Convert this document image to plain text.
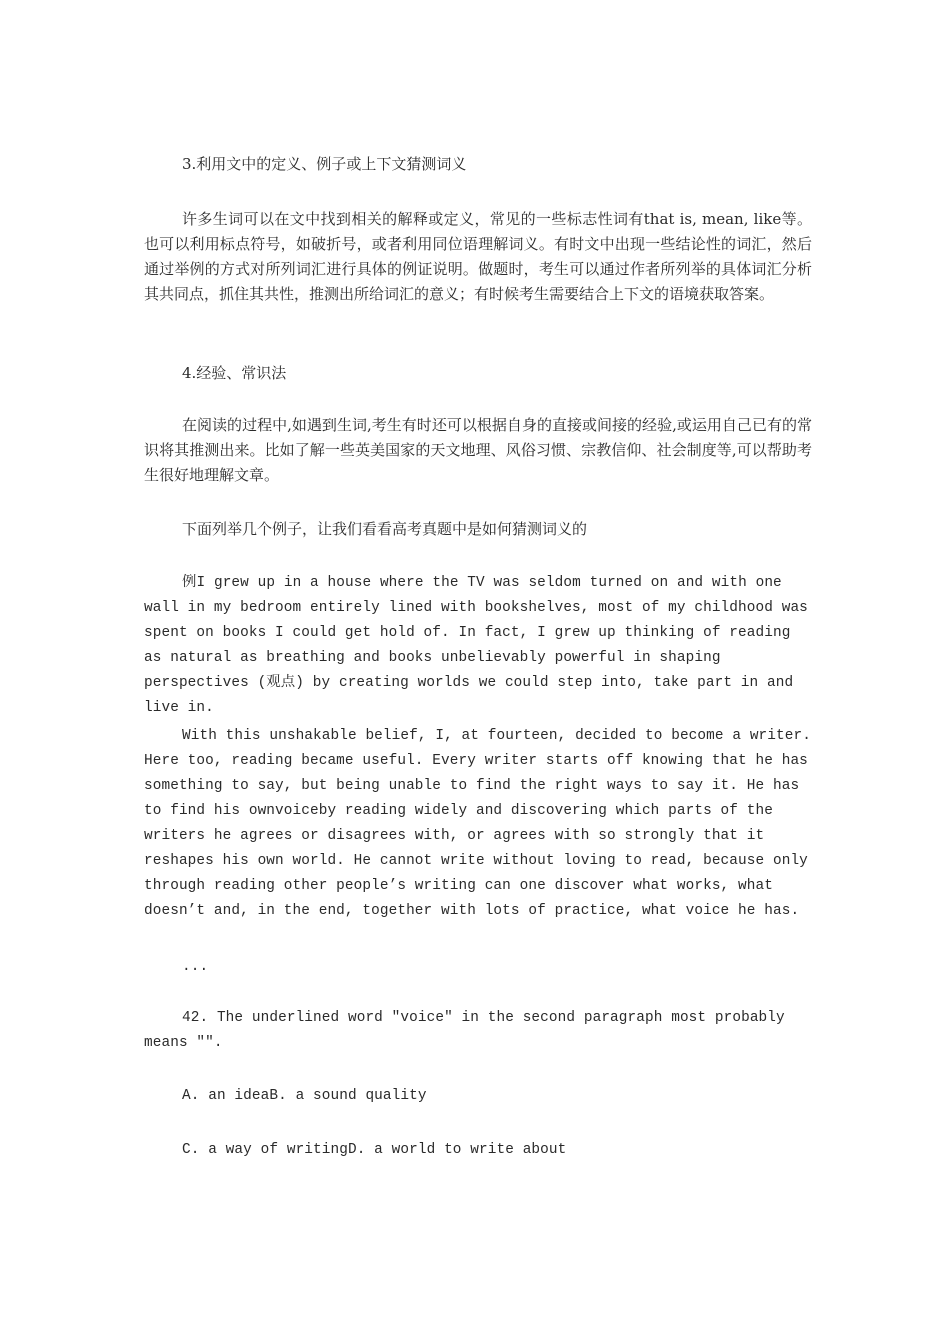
3.利用文中的定义、例子或上下文猜测词义

许多生词可以在文中找到相关的解释或定义，常见的一些标志性词有that is, mean, like等。也可以利用标点符号，如破折号，或者利用同位语理解词义。有时文中出现一些结论性的词汇，然后通过举例的方式对所列词汇进行具体的例证说明。做题时，考生可以通过作者所列举的具体词汇分析其共同点，抓住其共性，推测出所给词汇的意义；有时候考生需要结合上下文的语境获取答案。

4.经验、常识法

在阅读的过程中,如遇到生词,考生有时还可以根据自身的直接或间接的经验,或运用自己已有的常识将其推测出来。比如了解一些英美国家的天文地理、风俗习惯、宗教信仰、社会制度等,可以帮助考生很好地理解文章。

下面列举几个例子，让我们看看高考真题中是如何猜测词义的

例I grew up in a house where the TV was seldom turned on and with one wall in my bedroom entirely lined with bookshelves, most of my childhood was spent on books I could get hold of. In fact, I grew up thinking of reading as natural as breathing and books unbelievably powerful in shaping perspectives (观点) by creating worlds we could step into, take part in and live in.

With this unshakable belief, I, at fourteen, decided to become a writer. Here too, reading became useful. Every writer starts off knowing that he has something to say, but being unable to find the right ways to say it. He has to find his ownvoiceby reading widely and discovering which parts of the writers he agrees or disagrees with, or agrees with so strongly that it reshapes his own world. He cannot write without loving to read, because only through reading other people’s writing can one discover what works, what doesn’t and, in the end, together with lots of practice, what voice he has.

...

42. The underlined word "voice" in the second paragraph most probably means "".

A. an ideaB. a sound quality

C. a way of writingD. a world to write about
